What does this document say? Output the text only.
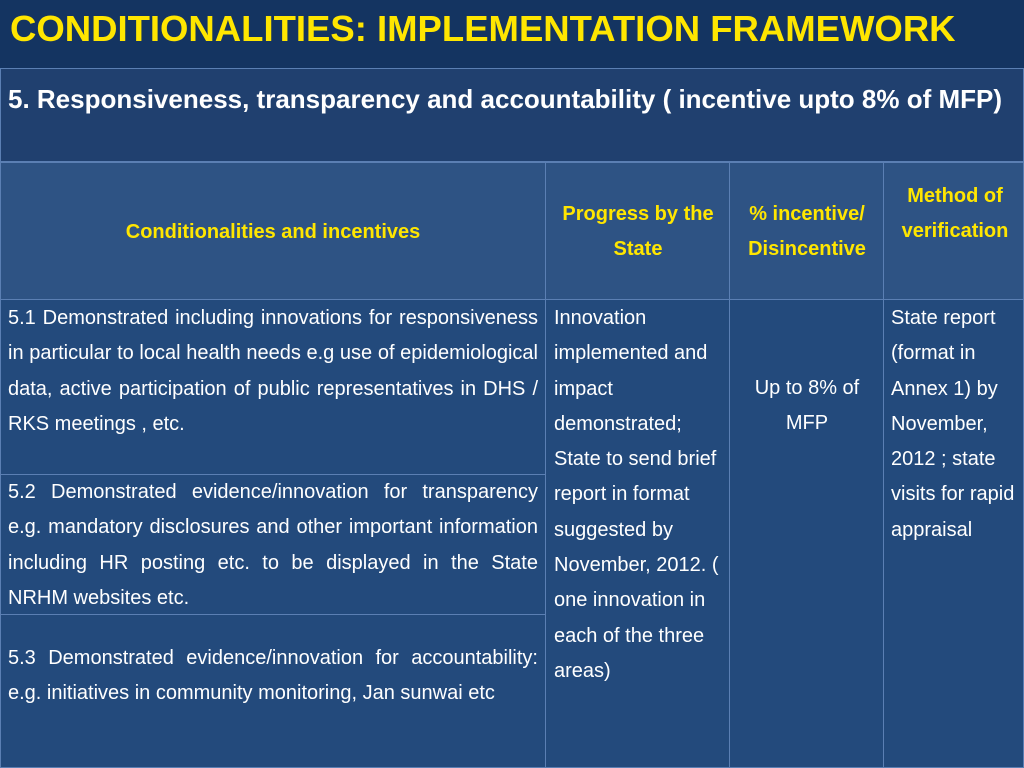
CONDITIONALITIES: IMPLEMENTATION FRAMEWORK
5. Responsiveness, transparency and accountability ( incentive upto 8% of MFP)
Conditionalities and incentives
Progress by the State
% incentive/ Disincentive
Method of verification
5.1 Demonstrated including innovations for responsiveness in particular to local health needs e.g use of epidemiological data, active participation of public representatives in DHS / RKS meetings , etc.
5.2 Demonstrated evidence/innovation for transparency e.g. mandatory disclosures and other important information including HR posting etc. to be displayed in the State NRHM websites etc.
5.3 Demonstrated evidence/innovation for accountability: e.g. initiatives in community monitoring, Jan sunwai etc
Innovation implemented and impact demonstrated; State to send brief report in format suggested by November, 2012. ( one innovation in each of the three areas)
Up to 8% of MFP
State report (format in Annex 1) by November, 2012 ; state visits for rapid appraisal
